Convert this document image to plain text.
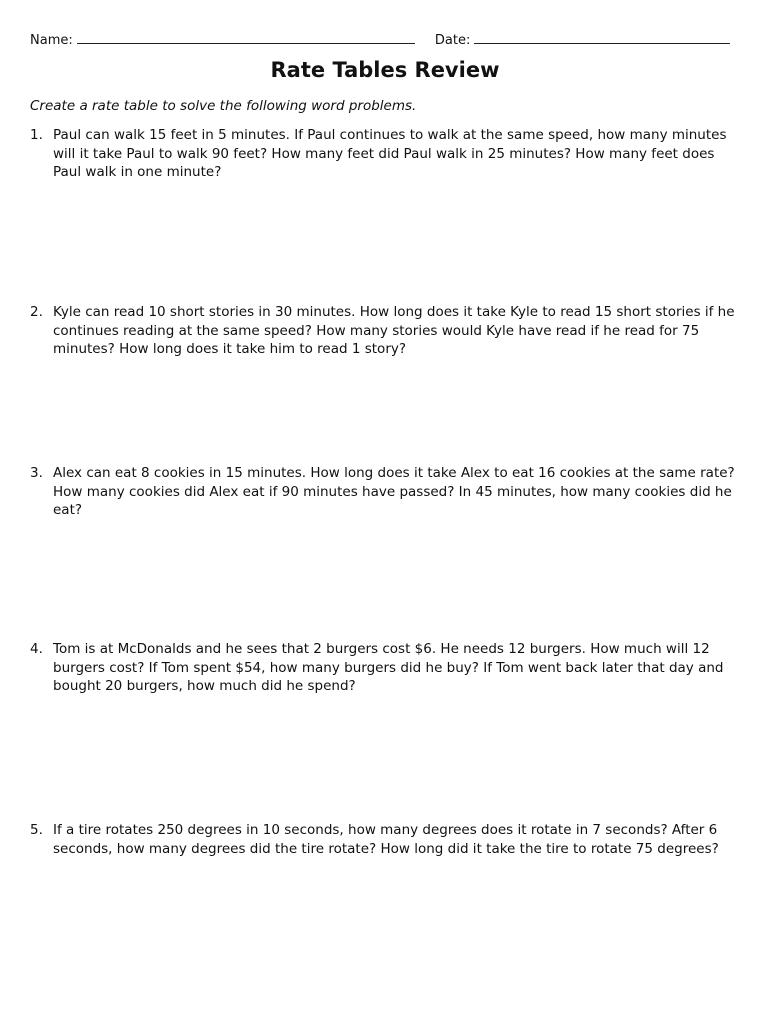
Name:	Date:
Rate Tables Review
Create a rate table to solve the following word problems.
1. Paul can walk 15 feet in 5 minutes. If Paul continues to walk at the same speed, how many minutes will it take Paul to walk 90 feet? How many feet did Paul walk in 25 minutes? How many feet does Paul walk in one minute?
2. Kyle can read 10 short stories in 30 minutes. How long does it take Kyle to read 15 short stories if he continues reading at the same speed? How many stories would Kyle have read if he read for 75 minutes? How long does it take him to read 1 story?
3. Alex can eat 8 cookies in 15 minutes. How long does it take Alex to eat 16 cookies at the same rate? How many cookies did Alex eat if 90 minutes have passed? In 45 minutes, how many cookies did he eat?
4. Tom is at McDonalds and he sees that 2 burgers cost $6. He needs 12 burgers. How much will 12 burgers cost? If Tom spent $54, how many burgers did he buy? If Tom went back later that day and bought 20 burgers, how much did he spend?
5. If a tire rotates 250 degrees in 10 seconds, how many degrees does it rotate in 7 seconds? After 6 seconds, how many degrees did the tire rotate? How long did it take the tire to rotate 75 degrees?
